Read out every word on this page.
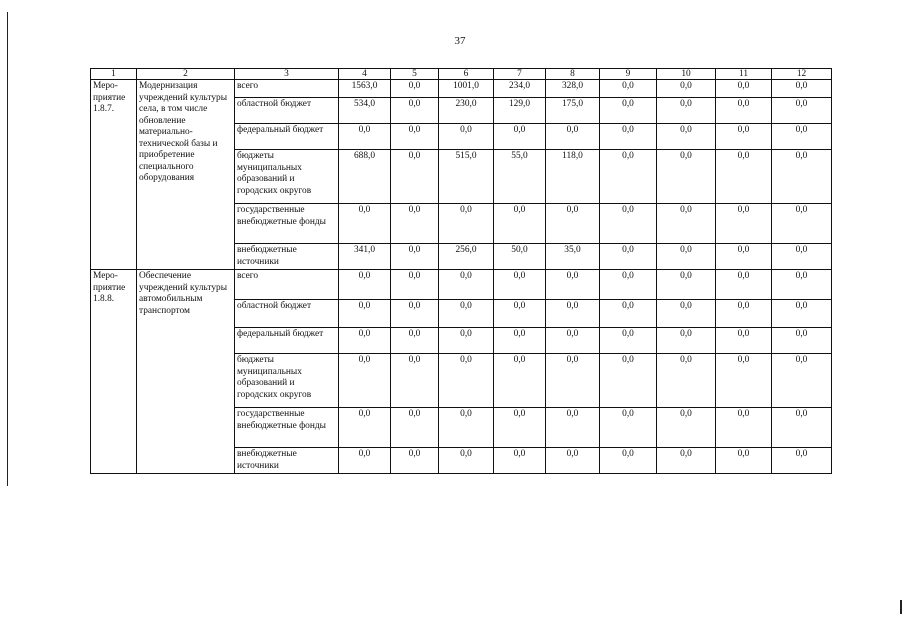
37
1	2	3	4	5	6	7	8	9	10	11	12
Меро-приятие 1.8.7.	Модернизация учреждений культуры села, в том числе обновление материально-технической базы и приобретение специального оборудования	всего	1563,0	0,0	1001,0	234,0	328,0	0,0	0,0	0,0	0,0
		областной бюджет	534,0	0,0	230,0	129,0	175,0	0,0	0,0	0,0	0,0
		федеральный бюджет	0,0	0,0	0,0	0,0	0,0	0,0	0,0	0,0	0,0
		бюджеты муниципальных образований и городских округов	688,0	0,0	515,0	55,0	118,0	0,0	0,0	0,0	0,0
		государственные внебюджетные фонды	0,0	0,0	0,0	0,0	0,0	0,0	0,0	0,0	0,0
		внебюджетные источники	341,0	0,0	256,0	50,0	35,0	0,0	0,0	0,0	0,0
Меро-приятие 1.8.8.	Обеспечение учреждений культуры автомобильным транспортом	всего	0,0	0,0	0,0	0,0	0,0	0,0	0,0	0,0	0,0
		областной бюджет	0,0	0,0	0,0	0,0	0,0	0,0	0,0	0,0	0,0
		федеральный бюджет	0,0	0,0	0,0	0,0	0,0	0,0	0,0	0,0	0,0
		бюджеты муниципальных образований и городских округов	0,0	0,0	0,0	0,0	0,0	0,0	0,0	0,0	0,0
		государственные внебюджетные фонды	0,0	0,0	0,0	0,0	0,0	0,0	0,0	0,0	0,0
		внебюджетные источники	0,0	0,0	0,0	0,0	0,0	0,0	0,0	0,0	0,0
